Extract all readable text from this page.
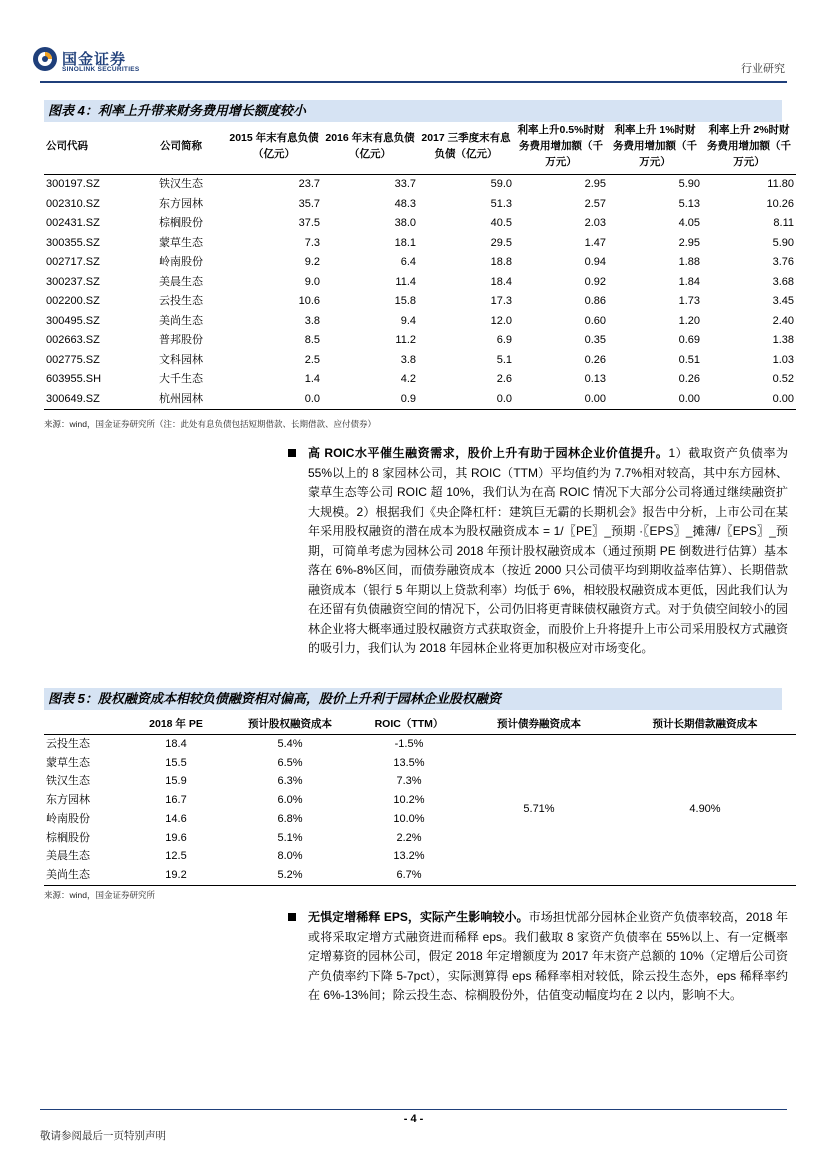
国金证券
SINOLINK SECURITIES	行业研究
图表 4：利率上升带来财务费用增长额度较小
公司代码	公司简称	2015 年末有息负债（亿元）	2016 年末有息负债（亿元）	2017 三季度末有息负债（亿元）	利率上升0.5%时财务费用增加额（千万元）	利率上升 1%时财务费用增加额（千万元）	利率上升 2%时财务费用增加额（千万元）
300197.SZ	铁汉生态	23.7	33.7	59.0	2.95	5.90	11.80
002310.SZ	东方园林	35.7	48.3	51.3	2.57	5.13	10.26
002431.SZ	棕榈股份	37.5	38.0	40.5	2.03	4.05	8.11
300355.SZ	蒙草生态	7.3	18.1	29.5	1.47	2.95	5.90
002717.SZ	岭南股份	9.2	6.4	18.8	0.94	1.88	3.76
300237.SZ	美晨生态	9.0	11.4	18.4	0.92	1.84	3.68
002200.SZ	云投生态	10.6	15.8	17.3	0.86	1.73	3.45
300495.SZ	美尚生态	3.8	9.4	12.0	0.60	1.20	2.40
002663.SZ	普邦股份	8.5	11.2	6.9	0.35	0.69	1.38
002775.SZ	文科园林	2.5	3.8	5.1	0.26	0.51	1.03
603955.SH	大千生态	1.4	4.2	2.6	0.13	0.26	0.52
300649.SZ	杭州园林	0.0	0.9	0.0	0.00	0.00	0.00
来源：wind，国金证券研究所（注：此处有息负债包括短期借款、长期借款、应付债券）
高 ROIC水平催生融资需求，股价上升有助于园林企业价值提升。1）截取资产负债率为 55%以上的 8 家园林公司，其 ROIC（TTM）平均值约为 7.7%相对较高，其中东方园林、蒙草生态等公司 ROIC 超 10%，我们认为在高 ROIC 情况下大部分公司将通过继续融资扩大规模。2）根据我们《央企降杠杆：建筑巨无霸的长期机会》报告中分析，上市公司在某年采用股权融资的潜在成本为股权融资成本 = 1/〖PE〗_预期 ·〖EPS〗_摊薄/〖EPS〗_预期，可简单考虑为园林公司 2018 年预计股权融资成本（通过预期 PE 倒数进行估算）基本落在 6%-8%区间，而债券融资成本（按近 2000 只公司债平均到期收益率估算）、长期借款融资成本（银行 5 年期以上贷款利率）均低于 6%，相较股权融资成本更低，因此我们认为在还留有负债融资空间的情况下，公司仍旧将更青睐债权融资方式。对于负债空间较小的园林企业将大概率通过股权融资方式获取资金，而股价上升将提升上市公司采用股权方式融资的吸引力，我们认为 2018 年园林企业将更加积极应对市场变化。
图表 5：股权融资成本相较负债融资相对偏高，股价上升利于园林企业股权融资
	2018 年 PE	预计股权融资成本	ROIC（TTM）	预计债券融资成本	预计长期借款融资成本
云投生态	18.4	5.4%	-1.5%	5.71%	4.90%
蒙草生态	15.5	6.5%	13.5%		
铁汉生态	15.9	6.3%	7.3%		
东方园林	16.7	6.0%	10.2%		
岭南股份	14.6	6.8%	10.0%		
棕榈股份	19.6	5.1%	2.2%		
美晨生态	12.5	8.0%	13.2%		
美尚生态	19.2	5.2%	6.7%		
来源：wind，国金证券研究所
无惧定增稀释 EPS，实际产生影响较小。市场担忧部分园林企业资产负债率较高，2018 年或将采取定增方式融资进而稀释 eps。我们截取 8 家资产负债率在 55%以上、有一定概率定增募资的园林公司，假定 2018 年定增额度为 2017 年末资产总额的 10%（定增后公司资产负债率约下降 5-7pct），实际测算得 eps 稀释率相对较低，除云投生态外，eps 稀释率约在 6%-13%间；除云投生态、棕榈股份外，估值变动幅度均在 2 以内，影响不大。
- 4 -
敬请参阅最后一页特别声明
